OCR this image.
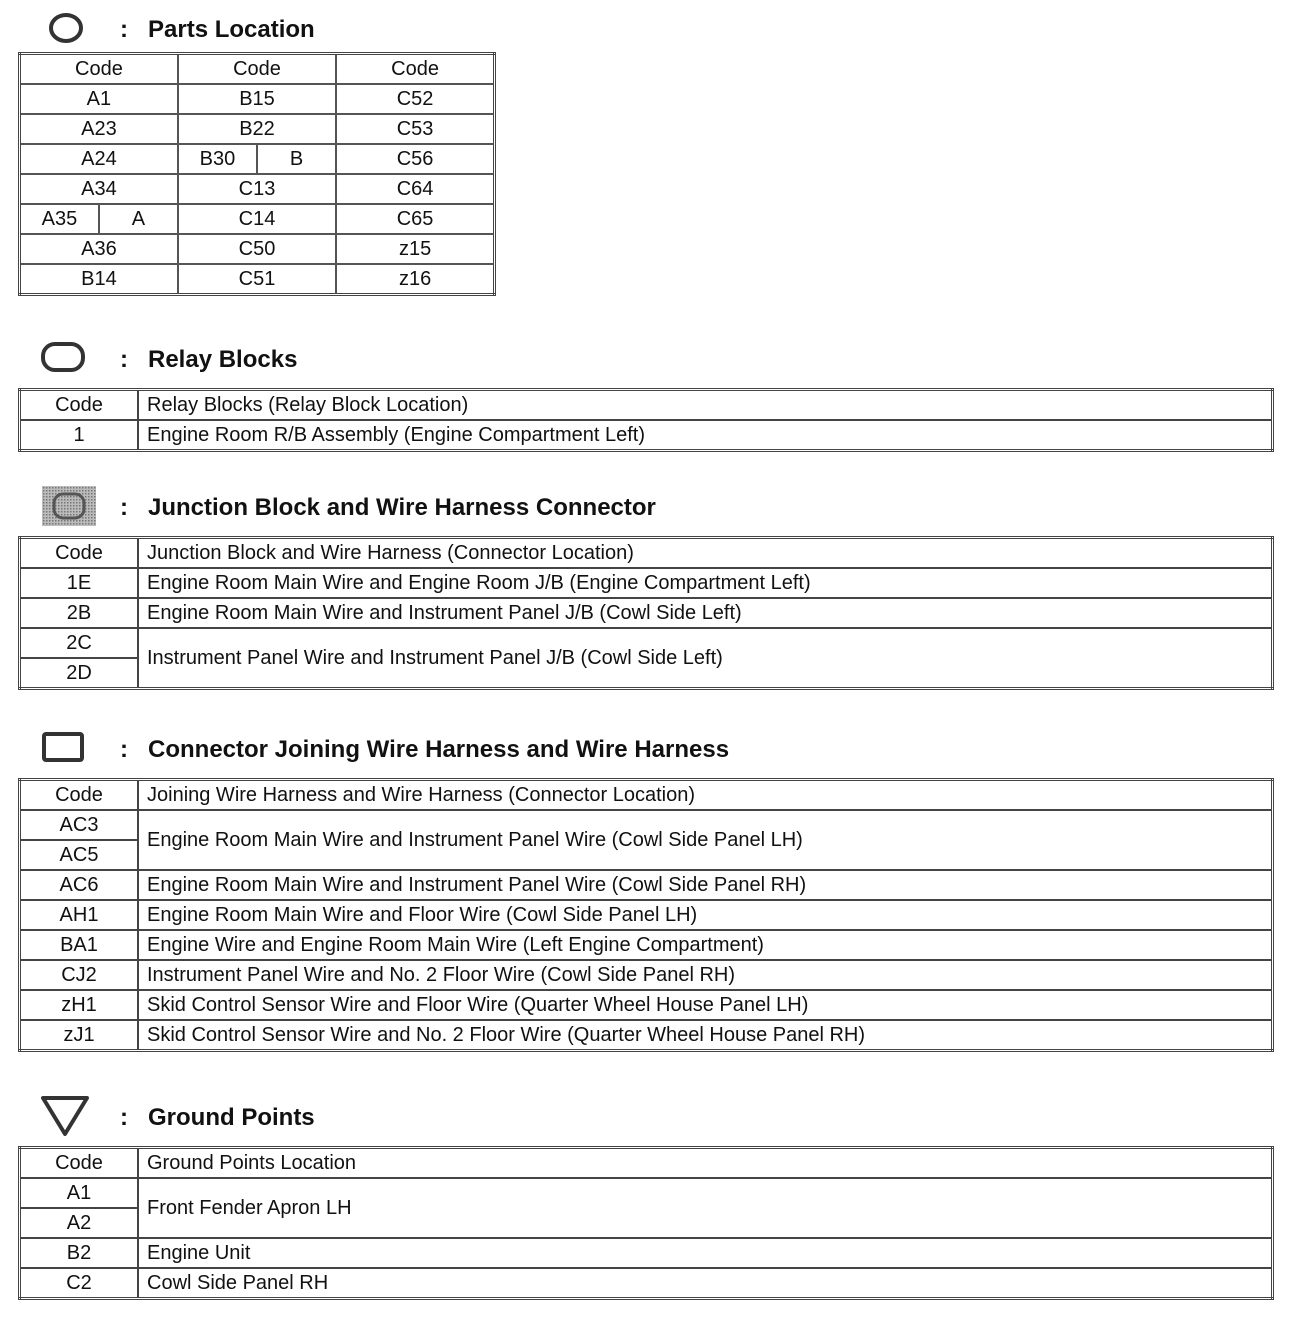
: Parts Location
Code	Code	Code
A1	B15	C52
A23	B22	C53
A24	B30 B	C56
A34	C13	C64

A35 A	C14	C65
A36	C50	z15
B14	C51	z16
: Relay Blocks
Code	Relay Blocks (Relay Block Location)
1	Engine Room R/B Assembly (Engine Compartment Left)
: Junction Block and Wire Harness Connector
Code	Junction Block and Wire Harness (Connector Location)
1E	Engine Room Main Wire and Engine Room J/B (Engine Compartment Left)
2B	Engine Room Main Wire and Instrument Panel J/B (Cowl Side Left)
2C	Instrument Panel Wire and Instrument Panel J/B (Cowl Side Left)
2D	
: Connector Joining Wire Harness and Wire Harness
Code	Joining Wire Harness and Wire Harness (Connector Location)
AC3	Engine Room Main Wire and Instrument Panel Wire (Cowl Side Panel LH)
AC5	
AC6	Engine Room Main Wire and Instrument Panel Wire (Cowl Side Panel RH)
AH1	Engine Room Main Wire and Floor Wire (Cowl Side Panel LH)
BA1	Engine Wire and Engine Room Main Wire (Left Engine Compartment)
CJ2	Instrument Panel Wire and No. 2 Floor Wire (Cowl Side Panel RH)
zH1	Skid Control Sensor Wire and Floor Wire (Quarter Wheel House Panel LH)
zJ1	Skid Control Sensor Wire and No. 2 Floor Wire (Quarter Wheel House Panel RH)
: Ground Points
Code	Ground Points Location
A1	Front Fender Apron LH
A2	
B2	Engine Unit
C2	Cowl Side Panel RH
